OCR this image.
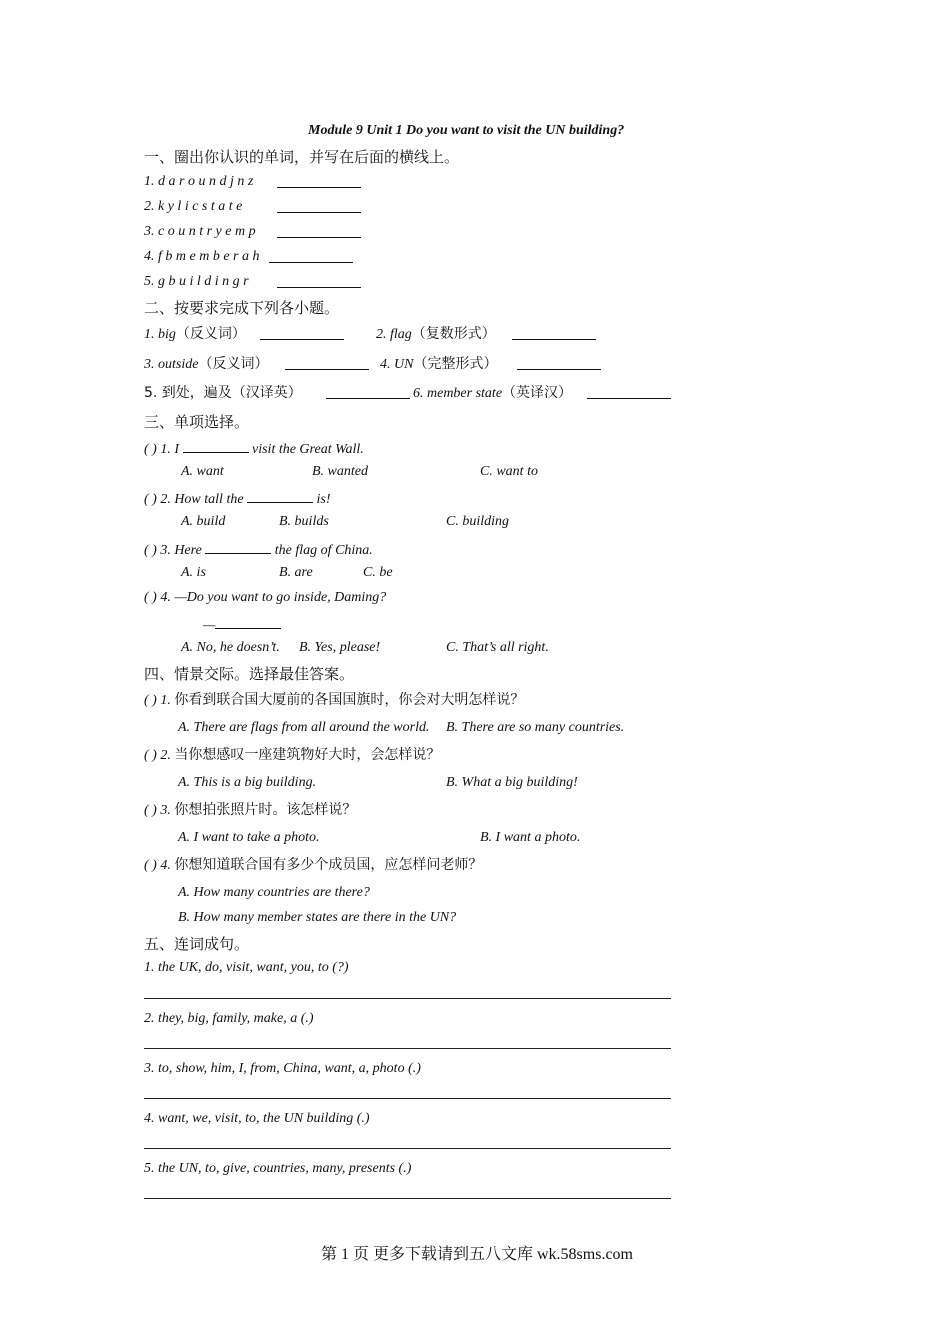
Module 9 Unit 1 Do you want to visit the UN building?
一、圈出你认识的单词，并写在后面的横线上。
1. d a r o u n d j n z
2. k y l i c s t a t e
3. c o u n t r y e m p
4. f b m e m b e r a h
5. g b u i l d i n g r
二、按要求完成下列各小题。
1. big（反义词）	2. flag（复数形式）
3. outside（反义词）	4. UN（完整形式）
5. 到处，遍及（汉译英）	6. member state（英译汉）
三、单项选择。
( ) 1. I	visit the Great Wall.
A. want	B. wanted	C. want to
( ) 2. How tall the	is!
A. build	B. builds	C. building
( ) 3. Here	the flag of China.
A. is	B. are	C. be
( ) 4. —Do you want to go inside, Daming?
—
A. No, he doesn’t. B. Yes, please!	C. That’s all right.
四、情景交际。选择最佳答案。
( ) 1. 你看到联合国大厦前的各国国旗时，你会对大明怎样说？
A. There are flags from all around the world. B. There are so many countries.
( ) 2. 当你想感叹一座建筑物好大时，会怎样说？
A. This is a big building.	B. What a big building!
( ) 3. 你想拍张照片时。该怎样说？
A. I want to take a photo.	B. I want a photo.
( ) 4. 你想知道联合国有多少个成员国，应怎样问老师？
A. How many countries are there?
B. How many member states are there in the UN?
五、连词成句。
1. the UK, do, visit, want, you, to (?)
2. they, big, family, make, a (.)
3. to, show, him, I, from, China, want, a, photo (.)
4. want, we, visit, to, the UN building (.)
5. the UN, to, give, countries, many, presents (.)
第 1 页 更多下载请到五八文库 wk.58sms.com
